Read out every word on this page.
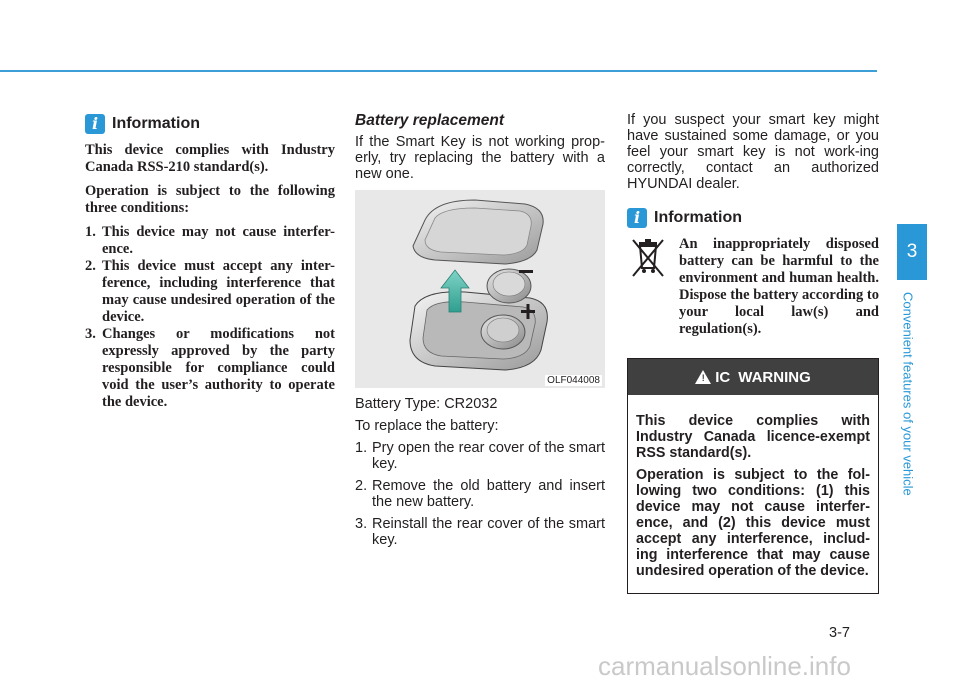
i Information

This device complies with Industry Canada RSS-210 standard(s).

Operation is subject to the following three conditions:

1. This device may not cause interfer-ence.
2. This device must accept any inter-ference, including interference that may cause undesired operation of the device.
3. Changes or modifications not expressly approved by the party responsible for compliance could void the user’s authority to operate the device.

Battery replacement

If the Smart Key is not working prop-erly, try replacing the battery with a new one.

OLF044008

Battery Type: CR2032

To replace the battery:

1. Pry open the rear cover of the smart key.
2. Remove the old battery and insert the new battery.
3. Reinstall the rear cover of the smart key.

If you suspect your smart key might have sustained some damage, or you feel your smart key is not work-ing correctly, contact an authorized HYUNDAI dealer.

i Information

An inappropriately disposed battery can be harmful to the environment and human health. Dispose the battery according to your local law(s) and regulation(s).

! IC WARNING

This device complies with Industry Canada licence-exempt RSS standard(s).

Operation is subject to the fol-lowing two conditions: (1) this device may not cause interfer-ence, and (2) this device must accept any interference, includ-ing interference that may cause undesired operation of the device.

3
Convenient features of your vehicle
3-7
carmanualsonline.info
